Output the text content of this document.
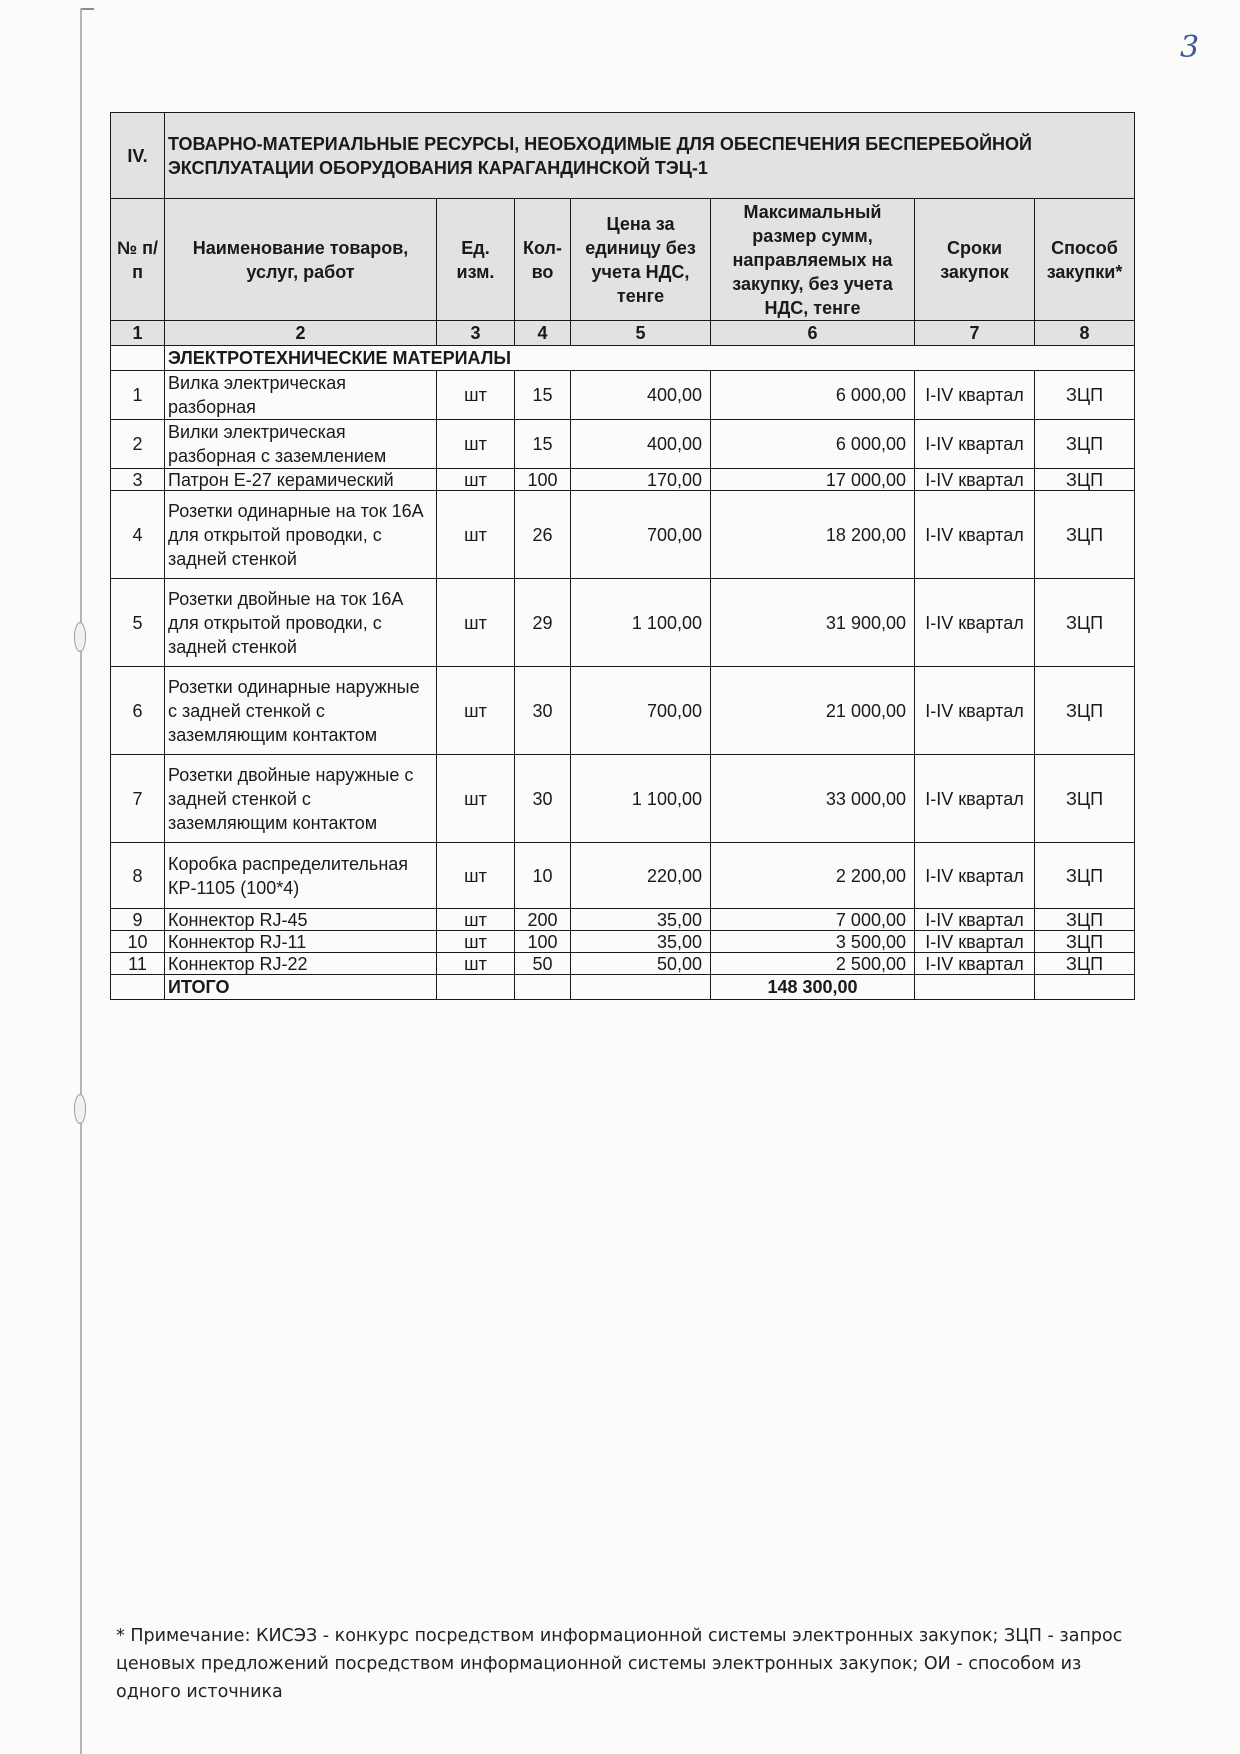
3
IV.	ТОВАРНО-МАТЕРИАЛЬНЫЕ РЕСУРСЫ, НЕОБХОДИМЫЕ ДЛЯ ОБЕСПЕЧЕНИЯ БЕСПЕРЕБОЙНОЙ ЭКСПЛУАТАЦИИ ОБОРУДОВАНИЯ КАРАГАНДИНСКОЙ ТЭЦ-1						
№ п/п	Наименование товаров, услуг, работ	Ед. изм.	Кол-во	Цена за единицу без учета НДС, тенге	Максимальный размер сумм, направляемых на закупку, без учета НДС, тенге	Сроки закупок	Способ закупки*
1	2	3	4	5	6	7	8
	ЭЛЕКТРОТЕХНИЧЕСКИЕ МАТЕРИАЛЫ						
1	Вилка электрическая разборная	шт	15	400,00	6 000,00	I-IV квартал	ЗЦП
2	Вилки электрическая разборная с заземлением	шт	15	400,00	6 000,00	I-IV квартал	ЗЦП
3	Патрон Е-27 керамический	шт	100	170,00	17 000,00	I-IV квартал	ЗЦП
4	Розетки одинарные на ток 16А для открытой проводки, с задней стенкой	шт	26	700,00	18 200,00	I-IV квартал	ЗЦП
5	Розетки двойные на ток 16А для открытой проводки, с задней стенкой	шт	29	1 100,00	31 900,00	I-IV квартал	ЗЦП
6	Розетки одинарные наружные с задней стенкой с заземляющим контактом	шт	30	700,00	21 000,00	I-IV квартал	ЗЦП
7	Розетки двойные наружные с задней стенкой с заземляющим контактом	шт	30	1 100,00	33 000,00	I-IV квартал	ЗЦП
8	Коробка распределительная КР-1105 (100*4)	шт	10	220,00	2 200,00	I-IV квартал	ЗЦП
9	Коннектор RJ-45	шт	200	35,00	7 000,00	I-IV квартал	ЗЦП
10	Коннектор RJ-11	шт	100	35,00	3 500,00	I-IV квартал	ЗЦП
11	Коннектор RJ-22	шт	50	50,00	2 500,00	I-IV квартал	ЗЦП
	ИТОГО				148 300,00		
* Примечание: КИСЭЗ - конкурс посредством информационной системы электронных закупок; ЗЦП - запрос ценовых предложений посредством информационной системы электронных закупок; ОИ - способом из одного источника
